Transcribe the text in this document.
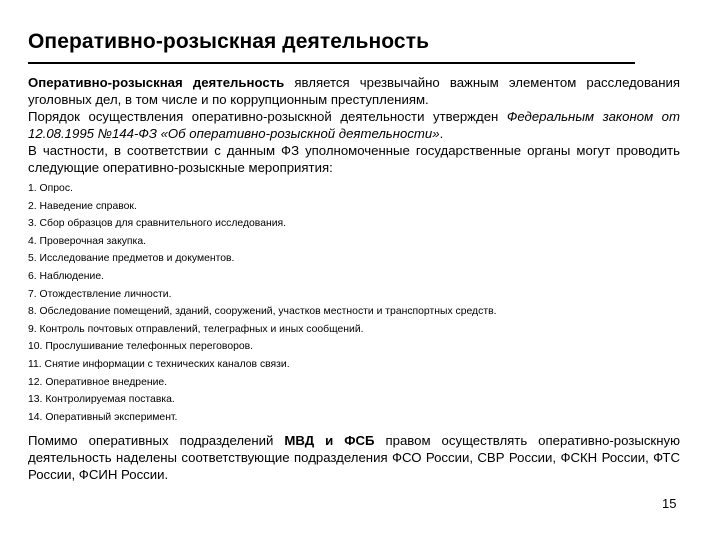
Оперативно-розыскная деятельность

Оперативно-розыскная деятельность является чрезвычайно важным элементом расследования уголовных дел, в том числе и по коррупционным преступлениям.

Порядок осуществления оперативно-розыскной деятельности утвержден Федеральным законом от 12.08.1995 №144-ФЗ «Об оперативно-розыскной деятельности».

В частности, в соответствии с данным ФЗ уполномоченные государственные органы могут проводить следующие оперативно-розыскные мероприятия:

1. Опрос.
2. Наведение справок.
3. Сбор образцов для сравнительного исследования.
4. Проверочная закупка.
5. Исследование предметов и документов.
6. Наблюдение.
7. Отождествление личности.
8. Обследование помещений, зданий, сооружений, участков местности и транспортных средств.
9. Контроль почтовых отправлений, телеграфных и иных сообщений.
10. Прослушивание телефонных переговоров.
11. Снятие информации с технических каналов связи.
12. Оперативное внедрение.
13. Контролируемая поставка.
14. Оперативный эксперимент.

Помимо оперативных подразделений МВД и ФСБ правом осуществлять оперативно-розыскную деятельность наделены соответствующие подразделения ФСО России, СВР России, ФСКН России, ФТС России, ФСИН России.

15
